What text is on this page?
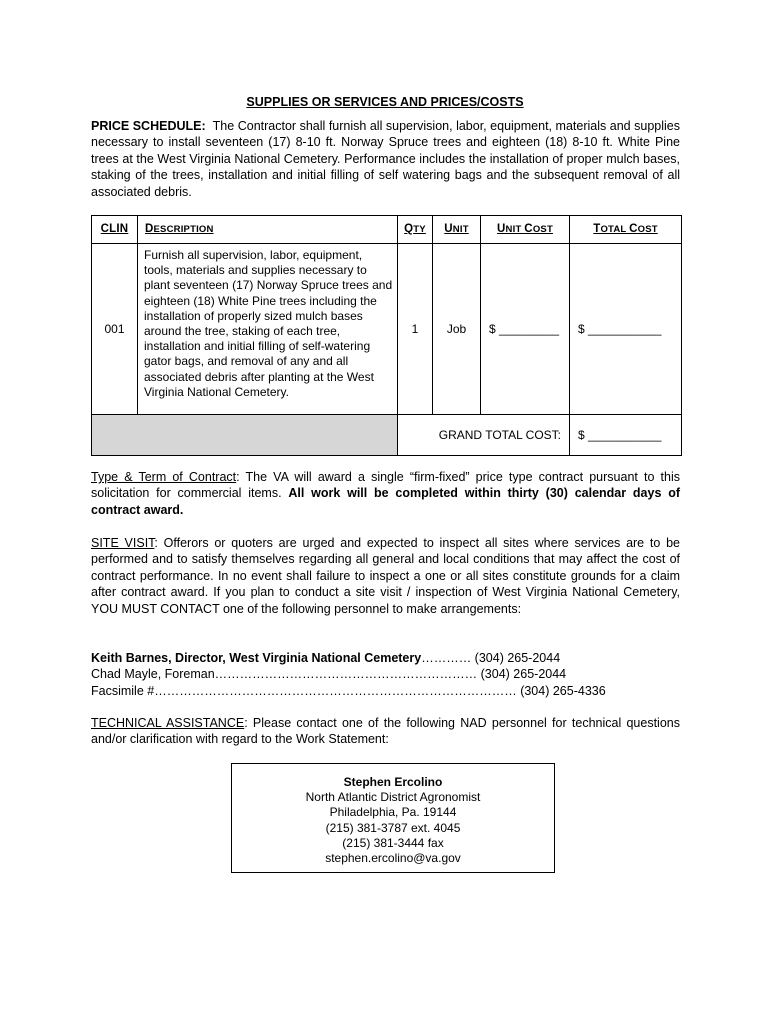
SUPPLIES OR SERVICES AND PRICES/COSTS
PRICE SCHEDULE: The Contractor shall furnish all supervision, labor, equipment, materials and supplies necessary to install seventeen (17) 8-10 ft. Norway Spruce trees and eighteen (18) 8-10 ft. White Pine trees at the West Virginia National Cemetery. Performance includes the installation of proper mulch bases, staking of the trees, installation and initial filling of self watering bags and the subsequent removal of all associated debris.
CLIN	DESCRIPTION	QTY	UNIT	UNIT COST	TOTAL COST
001	Furnish all supervision, labor, equipment, tools, materials and supplies necessary to plant seventeen (17) Norway Spruce trees and eighteen (18) White Pine trees including the installation of properly sized mulch bases around the tree, staking of each tree, installation and initial filling of self-watering gator bags, and removal of any and all associated debris after planting at the West Virginia National Cemetery.	1	Job	$ _________	$ ___________
		GRAND TOTAL COST:			$ ___________
Type & Term of Contract: The VA will award a single “firm-fixed” price type contract pursuant to this solicitation for commercial items. All work will be completed within thirty (30) calendar days of contract award.
SITE VISIT: Offerors or quoters are urged and expected to inspect all sites where services are to be performed and to satisfy themselves regarding all general and local conditions that may affect the cost of contract performance. In no event shall failure to inspect a one or all sites constitute grounds for a claim after contract award. If you plan to conduct a site visit / inspection of West Virginia National Cemetery, YOU MUST CONTACT one of the following personnel to make arrangements:
Keith Barnes, Director, West Virginia National Cemetery………… (304) 265-2044
Chad Mayle, Foreman……………………………………………………… (304) 265-2044
Facsimile #…………………………………………………………………………… (304) 265-4336
TECHNICAL ASSISTANCE: Please contact one of the following NAD personnel for technical questions and/or clarification with regard to the Work Statement:
Stephen Ercolino
North Atlantic District Agronomist
Philadelphia, Pa. 19144
(215) 381-3787 ext. 4045
(215) 381-3444 fax
stephen.ercolino@va.gov
